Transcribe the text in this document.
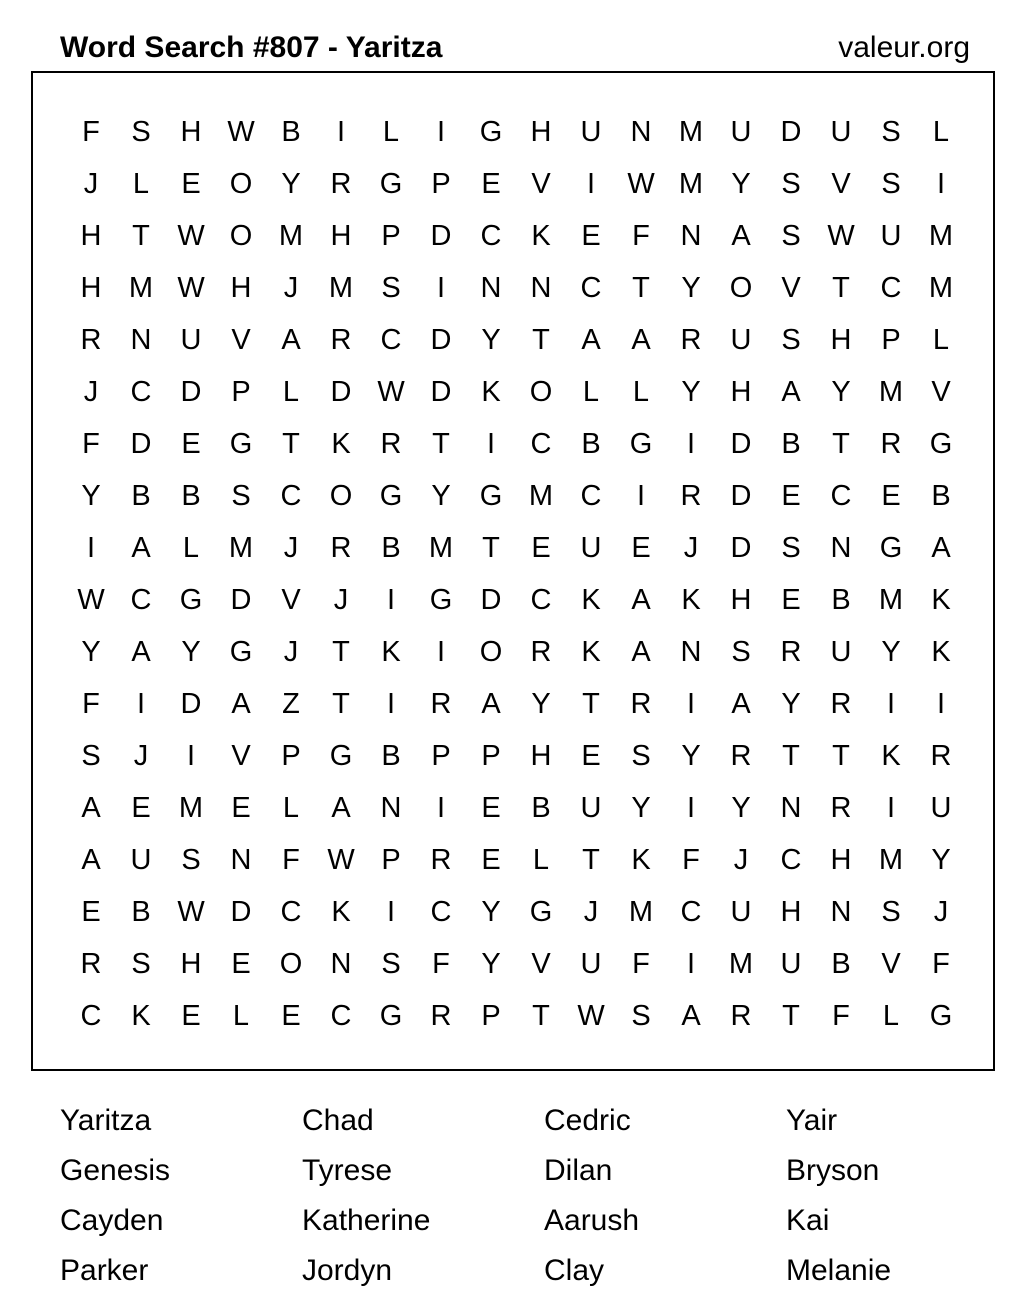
Word Search #807 - Yaritza	valeur.org
F	S	H W B	I	L	I	G H	U	N M U	D	U	S	L
J	L	E	O	Y	R G	P	E	V	I	W M Y	S	V	S	I
H	T W O M H	P	D	C	K	E	F	N	A	S W U M
H M W H	J	M S	I	N	N	C	T	Y	O	V	T	C M
R	N	U	V	A	R	C	D	Y	T	A	A	R	U	S	H	P	L
J	C	D	P	L	D W D	K	O	L	L	Y	H	A	Y M V
F	D	E	G	T	K	R	T	I	C	B	G	I	D	B	T	R G
Y	B	B	S	C O G	Y	G M C	I	R	D	E	C	E	B
I	A	L	M	J	R	B M	T	E	U	E	J	D	S	N G	A
W C G D	V	J	I	G D	C	K	A	K	H	E	B M K
Y	A	Y	G	J	T	K	I	O R	K	A	N	S	R	U	Y	K
F	I	D	A	Z	T	I	R	A	Y	T	R	I	A	Y	R	I	I
S	J	I	V	P	G	B	P	P	H	E	S	Y	R	T	T	K	R
A	E M E	L	A	N	I	E	B	U	Y	I	Y	N	R	I	U
A	U	S	N	F W P	R	E	L	T	K	F	J	C	H M Y
E	B W D	C	K	I	C	Y	G	J	M C	U	H	N	S	J
R	S	H	E	O N	S	F	Y	V	U	F	I	M U	B	V	F
C	K	E	L	E	C G R	P	T W S	A	R	T	F	L	G
Yaritza	Chad	Cedric	Yair
Genesis	Tyrese	Dilan	Bryson
Cayden	Katherine	Aarush	Kai
Parker	Jordyn	Clay	Melanie
